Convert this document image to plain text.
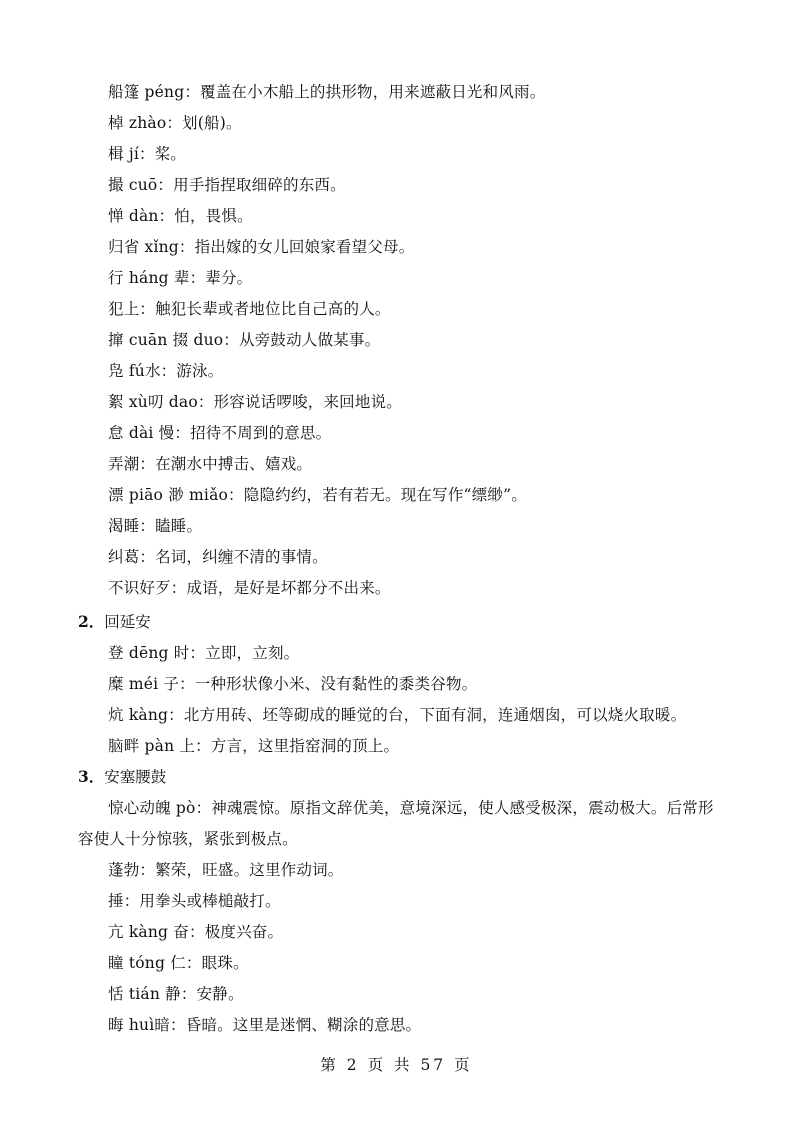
船篷 péng：覆盖在小木船上的拱形物，用来遮蔽日光和风雨。
棹 zhào：划(船)。
楫 jí：桨。
撮 cuō：用手指捏取细碎的东西。
惮 dàn：怕，畏惧。
归省 xǐng：指出嫁的女儿回娘家看望父母。
行 háng 辈：辈分。
犯上：触犯长辈或者地位比自己高的人。
撺 cuān 掇 duo：从旁鼓动人做某事。
凫 fú水：游泳。
絮 xù叨 dao：形容说话啰唆，来回地说。
怠 dài 慢：招待不周到的意思。
弄潮：在潮水中搏击、嬉戏。
漂 piāo 渺 miǎo：隐隐约约，若有若无。现在写作“缥缈”。
渴睡：瞌睡。
纠葛：名词，纠缠不清的事情。
不识好歹：成语，是好是坏都分不出来。
2．回延安
登 dēng 时：立即，立刻。
糜 méi 子：一种形状像小米、没有黏性的黍类谷物。
炕 kàng：北方用砖、坯等砌成的睡觉的台，下面有洞，连通烟囱，可以烧火取暖。
脑畔 pàn 上：方言，这里指窑洞的顶上。
3．安塞腰鼓
惊心动魄 pò：神魂震惊。原指文辞优美，意境深远，使人感受极深，震动极大。后常形
容使人十分惊骇，紧张到极点。
蓬勃：繁荣，旺盛。这里作动词。
捶：用拳头或棒槌敲打。
亢 kàng 奋：极度兴奋。
瞳 tóng 仁：眼珠。
恬 tián 静：安静。
晦 huì暗：昏暗。这里是迷惘、糊涂的意思。
第 2 页 共 57 页
